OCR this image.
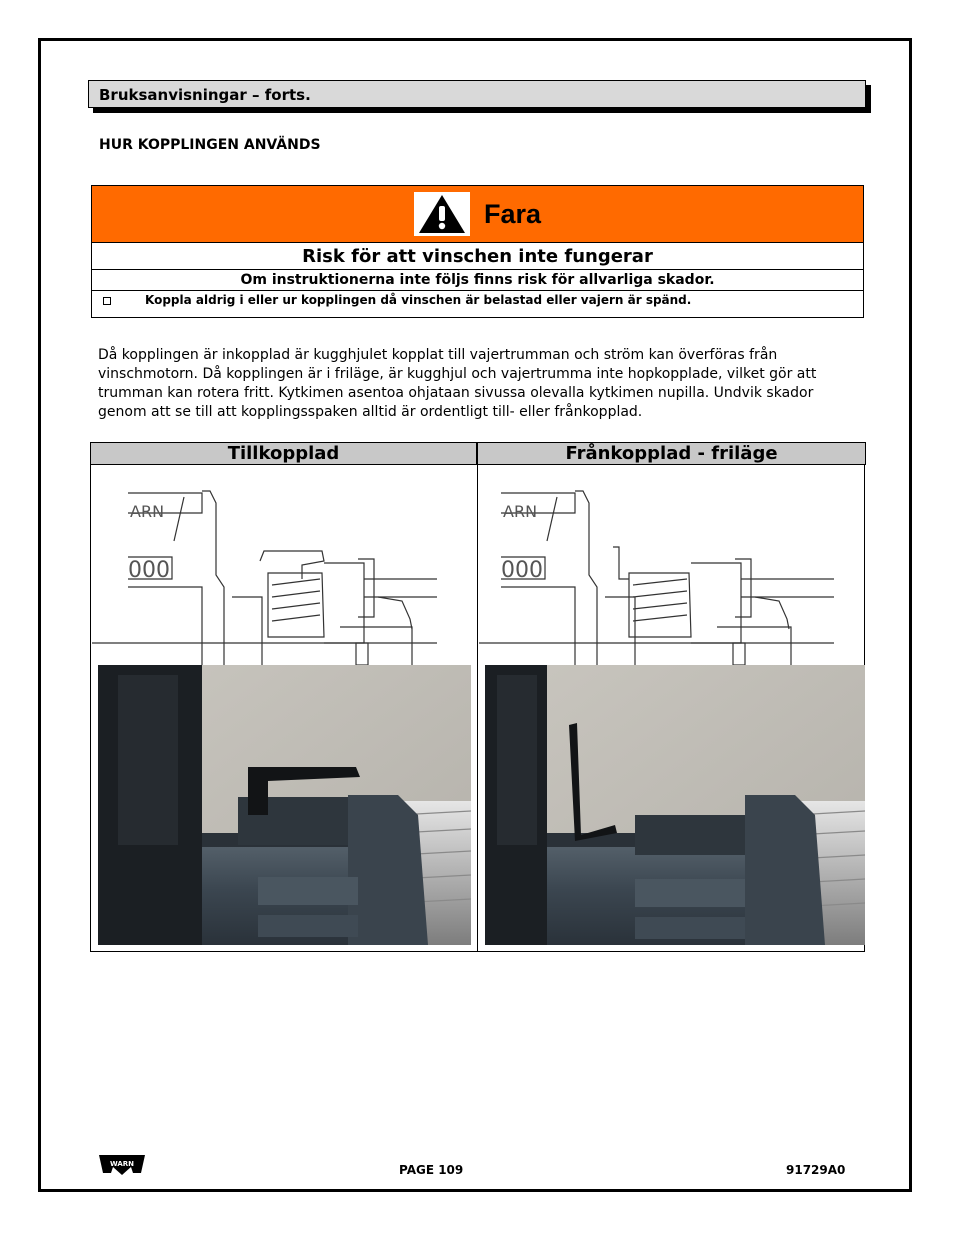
Bruksanvisningar – forts.
HUR KOPPLINGEN ANVÄNDS
Fara
Risk för att vinschen inte fungerar
Om instruktionerna inte följs finns risk för allvarliga skador.
Koppla aldrig i eller ur kopplingen då vinschen är belastad eller vajern är spänd.
Då kopplingen är inkopplad är kugghjulet kopplat till vajertrumman och ström kan överföras från vinschmotorn. Då kopplingen är i friläge, är kugghjul och vajertrumma inte hopkopplade, vilket gör att trumman kan rotera fritt. Kytkimen asentoa ohjataan sivussa olevalla kytkimen nupilla. Undvik skador genom att se till att kopplingsspaken alltid är ordentligt till- eller frånkopplad.
Tillkopplad	Frånkopplad - friläge
ARN
000
ARN
000
WARN	PAGE 109	91729A0
